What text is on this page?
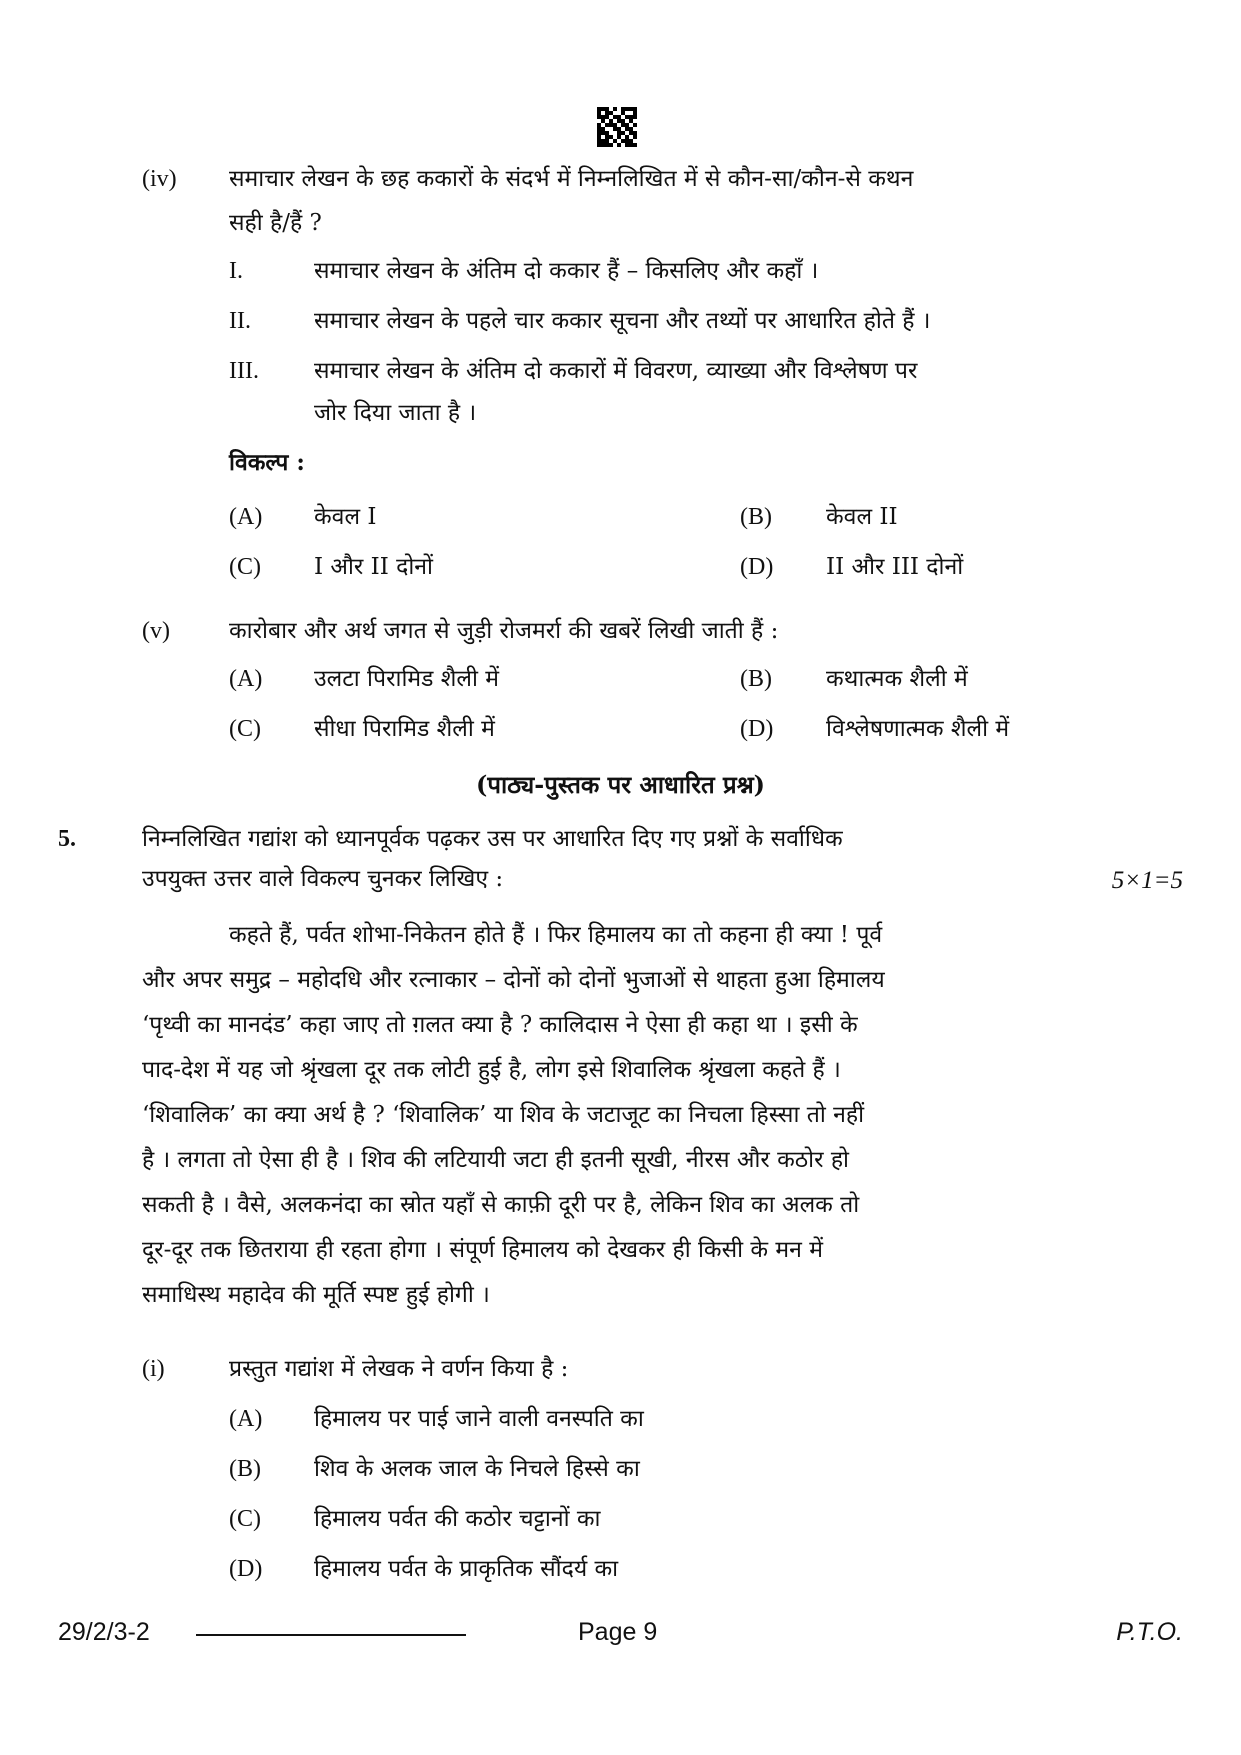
(iv) समाचार लेखन के छह ककारों के संदर्भ में निम्नलिखित में से कौन-सा/कौन-से कथन
सही है/हैं ?
I.	समाचार लेखन के अंतिम दो ककार हैं – किसलिए और कहाँ ।
II.	समाचार लेखन के पहले चार ककार सूचना और तथ्यों पर आधारित होते हैं ।
III. समाचार लेखन के अंतिम दो ककारों में विवरण, व्याख्या और विश्लेषण पर
जोर दिया जाता है ।
विकल्प :
(A) केवल I	(B) केवल II
(C) I और II दोनों	(D) II और III दोनों
(v)	कारोबार और अर्थ जगत से जुड़ी रोजमर्रा की खबरें लिखी जाती हैं :
(A) उलटा पिरामिड शैली में	(B) कथात्मक शैली में
(C) सीधा पिरामिड शैली में	(D) विश्लेषणात्मक शैली में
(पाठ्य-पुस्तक पर आधारित प्रश्न)
5.	निम्नलिखित गद्यांश को ध्यानपूर्वक पढ़कर उस पर आधारित दिए गए प्रश्नों के सर्वाधिक
उपयुक्त उत्तर वाले विकल्प चुनकर लिखिए :	5×1=5
कहते हैं, पर्वत शोभा-निकेतन होते हैं । फिर हिमालय का तो कहना ही क्या ! पूर्व
और अपर समुद्र – महोदधि और रत्नाकार – दोनों को दोनों भुजाओं से थाहता हुआ हिमालय
‘पृथ्वी का मानदंड’ कहा जाए तो ग़लत क्या है ? कालिदास ने ऐसा ही कहा था । इसी के
पाद-देश में यह जो श्रृंखला दूर तक लोटी हुई है, लोग इसे शिवालिक श्रृंखला कहते हैं ।
‘शिवालिक’ का क्या अर्थ है ? ‘शिवालिक’ या शिव के जटाजूट का निचला हिस्सा तो नहीं
है । लगता तो ऐसा ही है । शिव की लटियायी जटा ही इतनी सूखी, नीरस और कठोर हो
सकती है । वैसे, अलकनंदा का स्रोत यहाँ से काफ़ी दूरी पर है, लेकिन शिव का अलक तो
दूर-दूर तक छितराया ही रहता होगा । संपूर्ण हिमालय को देखकर ही किसी के मन में
समाधिस्थ महादेव की मूर्ति स्पष्ट हुई होगी ।
(i)	प्रस्तुत गद्यांश में लेखक ने वर्णन किया है :
(A) हिमालय पर पाई जाने वाली वनस्पति का
(B) शिव के अलक जाल के निचले हिस्से का
(C) हिमालय पर्वत की कठोर चट्टानों का
(D) हिमालय पर्वत के प्राकृतिक सौंदर्य का
29/2/3-2	Page 9	P.T.O.
